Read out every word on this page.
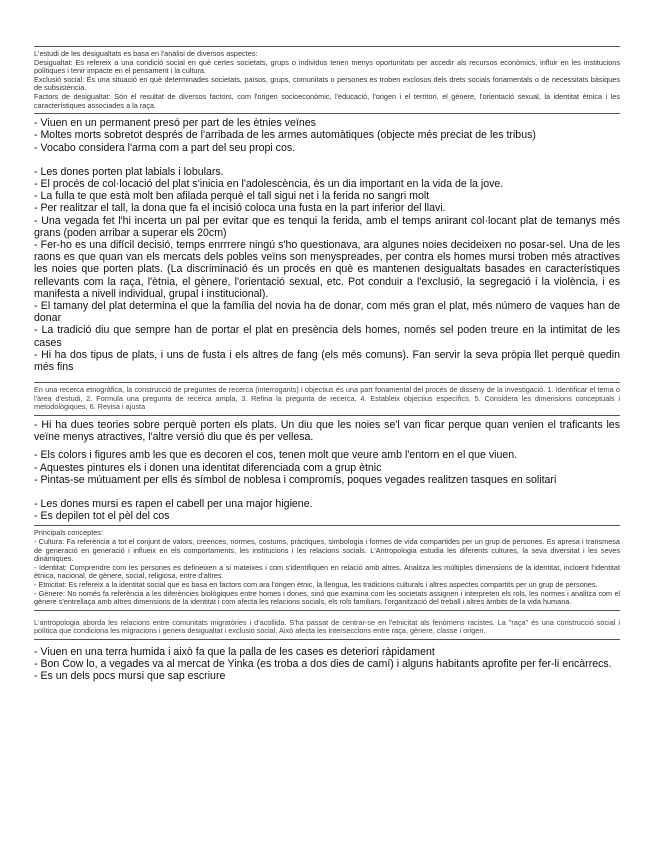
L'estudi de les desigualtats es basa en l'anàlisi de diversos aspectes:

Desigualtat: Es refereix a una condició social en què certes societats, grups o individus tenen menys oportunitats per accedir als recursos econòmics, influir en les institucions polítiques i tenir impacte en el pensament i la cultura.

Exclusió social: És una situació en què determinades societats, països, grups, comunitats o persones es troben exclosos dels drets socials fonamentals o de necessitats bàsiques de subsistència.

Factors de desigualtat: Són el resultat de diversos factors, com l'origen socioeconòmic, l'educació, l'origen i el territori, el gènere, l'orientació sexual, la identitat ètnica i les característiques associades a la raça.

- Viuen en un permanent presó per part de les ètnies veïnes

- Moltes morts sobretot després de l'arribada de les armes automàtiques (objecte més preciat de les tribus)

- Vocabo considera l'arma com a part del seu propi cos.

- Les dones porten plat labials i lobulars.

- El procés de col·locació del plat s'inicia en l'adolescència, és un dia important en la vida de la jove.

- La fulla te que està molt ben afilada perquè el tall sigui net i la ferida no sangri molt

- Per realitzar el tall, la dona que fa el incisió coloca una fusta en la part inferior del llavi.

- Una vegada fet l'hi incerta un pal per evitar que es tenqui la ferida, amb el temps anirant col·locant plat de temanys més grans (poden arribar a superar els 20cm)

- Fer-ho es una difícil decisió, temps enrrrere ningú s'ho questionava, ara algunes noies decideixen no posar-sel. Una de les raons es que quan van els mercats dels pobles veïns son menyspreades, per contra els homes mursi troben més atractives les noies que porten plats. (La discriminació és un procés en què es mantenen desigualtats basades en característiques rellevants com la raça, l'ètnia, el gènere, l'orientació sexual, etc. Pot conduir a l'exclusió, la segregació i la violència, i es manifesta a nivell individual, grupal i institucional).

- El tamany del plat determina el que la família del novia ha de donar, com més gran el plat, més número de vaques han de donar

- La tradició diu que sempre han de portar el plat en presència dels homes, només sel poden treure en la intimitat de les cases

- Hi ha dos tipus de plats, i uns de fusta i els altres de fang (els més comuns). Fan servir la seva pròpia llet perquè quedin més fins

En una recerca etnogràfica, la construcció de preguntes de recerca (interrogants) i objectius és una part fonamental del procés de disseny de la investigació. 1. Identificar el tema o l'àrea d'estudi, 2. Formula una pregunta de recerca ampla, 3. Refina la pregunta de recerca, 4. Estableix objectius específics, 5. Considera les dimensions conceptuals i metodològiques, 6. Revisa i ajusta

- Hi ha dues teories sobre perquè porten els plats. Un diu que les noies se'l van ficar perque quan venien el traficants les veïne menys atractives, l'altre versió diu que és per vellesa.

- Els colors i figures amb les que es decoren el cos, tenen molt que veure amb l'entorn en el que viuen.

- Aquestes pintures els i donen una identitat diferenciada com a grup ètnic

- Pintas-se mútuament per ells és símbol de noblesa i compromís, poques vegades realitzen tasques en solitari

- Les dones mursi es rapen el cabell per una major higiene.

- Es depilen tot el pèl del cos

Principals conceptes:

- Cultura: Fa referència a tot el conjunt de valors, creences, normes, costums, pràctiques, simbologia i formes de vida compartides per un grup de persones. Es apresa i transmesa de generació en generació i influeix en els comportaments, les institucions i les relacions socials. L'Antropologia estudia les diferents cultures, la seva diversitat i les seves dinàmiques.

- Identitat: Comprendre com les persones es defineixen a si mateixes i com s'identifiquen en relació amb altres. Analitza les múltiples dimensions de la identitat, incloent l'identitat ètnica, nacional, de gènere, social, religiosa, entre d'altres.

- Etnicitat: Es refereix a la identitat social que es basa en factors com ara l'origen ètnic, la llengua, les tradicions culturals i altres aspectes compartits per un grup de persones.

- Gènere: No només fa referència a les diferències biològiques entre homes i dones, sinó que examina com les societats assignen i interpreten els rols, les normes i analitza com el gènere s'entrellaça amb altres dimensions de la identitat i com afecta les relacions socials, els rols familiars, l'organització del treball i altres àmbits de la vida humana.

L'antropologia aborda les relacions entre comunitats migratòries i d'acollida. S'ha passat de centrar-se en l'etnicitat als fenòmens racistes. La "raça" és una construcció social i política que condiciona les migracions i genera desigualtat i exclusió social. Això afecta les interseccions entre raça, gènere, classe i origen.

- Viuen en una terra humida i això fa que la palla de les cases es deteriori ràpidament

- Bon Cow lo, a vegades va al mercat de Yinka (es troba a dos dies de camí) i alguns habitants aprofite per fer-li encàrrecs.

- Es un dels pocs mursi que sap escriure
